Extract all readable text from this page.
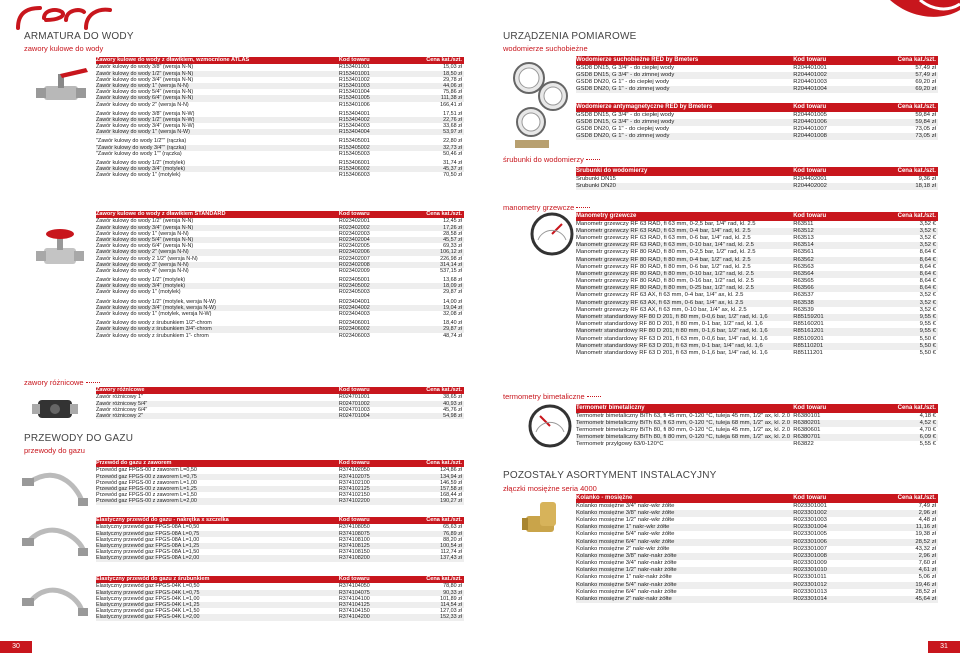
ARMATURA DO WODY
zawory kulowe do wody
zawory różnicowe
PRZEWODY DO GAZU
przewody do gazu
Zawory kulowe do wody z dławikiem, wzmocnione ATLAS	Kod towaru	Cena kat./szt.
Zawór kulowy do wody 3/8" (wersja N-N)	R153401001	15,03 zł
Zawór kulowy do wody 1/2" (wersja N-N)	R153401001	18,50 zł
Zawór kulowy do wody 3/4" (wersja N-N)	R153401002	29,78 zł
Zawór kulowy do wody 1" (wersja N-N)	R153401003	44,06 zł
Zawór kulowy do wody 5/4" (wersja N-N)	R153401004	75,86 zł
Zawór kulowy do wody 6/4" (wersja N-N)	R153401005	111,38 zł
Zawór kulowy do wody 2" (wersja N-N)	R153401006	166,41 zł
Zawór kulowy do wody 3/8" (wersja N-W)	R153404001	17,51 zł
Zawór kulowy do wody 1/2" (wersja N-W)	R153404002	22,76 zł
Zawór kulowy do wody 3/4" (wersja N-W)	R153404003	33,68 zł
Zawór kulowy do wody 1" (wersja N-W)	R153404004	53,97 zł
"Zawór kulowy do wody 1/2"" (rączka)	R153405001	22,80 zł
"Zawór kulowy do wody 3/4"" (rączka)	R153405002	32,73 zł
"Zawór kulowy do wody 1"" (rączka)	R153405003	50,46 zł
Zawór kulowy do wody 1/2" (motylek)	R153406001	31,74 zł
Zawór kulowy do wody 3/4" (motylek)	R153406002	45,37 zł
Zawór kulowy do wody 1" (motylek)	R153406003	70,50 zł
Zawory kulowe do wody z dławikiem STANDARD	Kod towaru	Cena kat./szt.
Zawór kulowy do wody 1/2" (wersja N-N)	R023402001	12,45 zł
Zawór kulowy do wody 3/4" (wersja N-N)	R023402002	17,26 zł
Zawór kulowy do wody 1" (wersja N-N)	R023402003	28,58 zł
Zawór kulowy do wody 5/4" (wersja N-N)	R023402004	45,57 zł
Zawór kulowy do wody 6/4" (wersja N-N)	R023402005	69,33 zł
Zawór kulowy do wody 2" (wersja N-N)	R023402006	106,12 zł
Zawór kulowy do wody 2 1/2" (wersja N-N)	R023402007	226,98 zł
Zawór kulowy do wody 3" (wersja N-N)	R023402008	314,14 zł
Zawór kulowy do wody 4" (wersja N-N)	R023402009	537,15 zł
Zawór kulowy do wody 1/2" (motylek)	R023405001	13,68 zł
Zawór kulowy do wody 3/4" (motylek)	R023405002	18,09 zł
Zawór kulowy do wody 1" (motylek)	R023405003	29,87 zł
Zawór kulowy do wody 1/2" (motylek, wersja N-W)	R023404001	14,00 zł
Zawór kulowy do wody 3/4" (motylek, wersja N-W)	R023404002	19,04 zł
Zawór kulowy do wody 1" (motylek, wersja N-W)	R023404003	32,08 zł
Zawór kulowy do wody z śrubunkiem 1/2"-chrom	R023406001	18,40 zł
Zawór kulowy do wody z śrubunkiem 3/4"-chrom	R023406002	29,87 zł
Zawór kulowy do wody z śrubunkiem 1"- chrom	R023406003	48,74 zł
Zawory różnicowe	Kod towaru	Cena kat./szt.
Zawór różnicowy 1"	R024701001	38,65 zł
Zawór różnicowy 5/4"	R024701002	40,93 zł
Zawór różnicowy 6/4"	R024701003	45,76 zł
Zawór różnicowy 2"	R024701004	54,98 zł
Przewód do gazu z zaworem	Kod towaru	Cena kat./szt.
Przewód gaz FPGS-00 z zaworem L=0,50	R374102050	124,86 zł
Przewód gaz FPGS-00 z zaworem L=0,75	R374102075	134,94 zł
Przewód gaz FPGS-00 z zaworem L=1,00	R374102100	146,59 zł
Przewód gaz FPGS-00 z zaworem L=1,25	R374102125	157,58 zł
Przewód gaz FPGS-00 z zaworem L=1,50	R374102150	168,44 zł
Przewód gaz FPGS-00 z zaworem L=2,00	R374102200	190,27 zł
Elastyczny przewód do gazu - nakrętka x szczelka	Kod towaru	Cena kat./szt.
Elastyczny przewód gaz FPGS-08A L=0,50	R374108050	65,63 zł
Elastyczny przewód gaz FPGS-08A L=0,75	R374108075	76,89 zł
Elastyczny przewód gaz FPGS-08A L=1,00	R374108100	88,20 zł
Elastyczny przewód gaz FPGS-08A L=1,25	R374108125	100,54 zł
Elastyczny przewód gaz FPGS-08A L=1,50	R374108150	112,74 zł
Elastyczny przewód gaz FPGS-08A L=2,00	R374108200	137,43 zł
Elastyczny przewód do gazu z śrubunkiem	Kod towaru	Cena kat./szt.
Elastyczny przewód gaz FPGS-04K L=0,50	R374104050	78,80 zł
Elastyczny przewód gaz FPGS-04K L=0,75	R374104075	90,33 zł
Elastyczny przewód gaz FPGS-04K L=1,00	R374104100	101,89 zł
Elastyczny przewód gaz FPGS-04K L=1,25	R374104125	114,54 zł
Elastyczny przewód gaz FPGS-04K L=1,50	R374104150	127,03 zł
Elastyczny przewód gaz FPGS-04K L=2,00	R374104200	152,33 zł
URZĄDZENIA POMIAROWE
wodomierze suchobieżne
śrubunki do wodomierzy
manometry grzewcze
termometry bimetaliczne
POZOSTAŁY ASORTYMENT INSTALACYJNY
złączki mosiężne seria 4000
Wodomierze suchobieżne RED by Bmeters	Kod towaru	Cena kat./szt.
GSD8 DN15, G 3/4" - do ciepłej wody	R204401001	57,49 zł
GSD8 DN15, G 3/4" - do zimnej wody	R204401002	57,49 zł
GSD8 DN20, G 1" - do ciepłej wody	R204401003	69,20 zł
GSD8 DN20, G 1" - do zimnej wody	R204401004	69,20 zł
Wodomierze antymagnetyczne RED by Bmeters	Kod towaru	Cena kat./szt.
GSD8 DN15, G 3/4" - do ciepłej wody	R204401005	59,84 zł
GSD8 DN15, G 3/4" - do zimnej wody	R204401006	59,84 zł
GSD8 DN20, G 1" - do ciepłej wody	R204401007	73,05 zł
GSD8 DN20, G 1" - do zimnej wody	R204401008	73,05 zł
Śrubunki do wodomierzy	Kod towaru	Cena kat./szt.
Śrubunki DN15	R204402001	9,36 zł
Śrubunki DN20	R204402002	18,18 zł
Manometry grzewcze	Kod towaru	Cena kat./szt.
Manometr grzewczy RF 63 RAD, fi 63 mm, 0-2,5 bar, 1/4" rad, kl. 2.5	R63511	3,52 €
Manometr grzewczy RF 63 RAD, fi 63 mm, 0-4 bar, 1/4" rad, kl. 2.5	R63512	3,52 €
Manometr grzewczy RF 63 RAD, fi 63 mm, 0-6 bar, 1/4" rad, kl. 2.5	R63513	3,52 €
Manometr grzewczy RF 63 RAD, fi 63 mm, 0-10 bar, 1/4" rad, kl. 2.5	R63514	3,52 €
Manometr grzewczy RF 80 RAD, fi 80 mm, 0-2,5 bar, 1/2" rad, kl. 2.5	R63561	8,64 €
Manometr grzewczy RF 80 RAD, fi 80 mm, 0-4 bar, 1/2" rad, kl. 2.5	R63562	8,64 €
Manometr grzewczy RF 80 RAD, fi 80 mm, 0-6 bar, 1/2" rad, kl. 2.5	R63563	8,64 €
Manometr grzewczy RF 80 RAD, fi 80 mm, 0-10 bar, 1/2" rad, kl. 2.5	R63564	8,64 €
Manometr grzewczy RF 80 RAD, fi 80 mm, 0-16 bar, 1/2" rad, kl. 2.5	R63565	8,64 €
Manometr grzewczy RF 80 RAD, fi 80 mm, 0-25 bar, 1/2" rad, kl. 2.5	R63566	8,64 €
Manometr grzewczy RF 63 AX, fi 63 mm, 0-4 bar, 1/4" ax, kl. 2.5	R63537	3,52 €
Manometr grzewczy RF 63 AX, fi 63 mm, 0-6 bar, 1/4" ax, kl. 2.5	R63538	3,52 €
Manometr grzewczy RF 63 AX, fi 63 mm, 0-10 bar, 1/4" ax, kl. 2.5	R63539	3,52 €
Manometr standardowy RF 80 D 201, fi 80 mm, 0-0,6 bar, 1/2" rad, kl. 1,6	R85159201	9,55 €
Manometr standardowy RF 80 D 201, fi 80 mm, 0-1 bar, 1/2" rad, kl. 1,6	R85160201	9,55 €
Manometr standardowy RF 80 D 201, fi 80 mm, 0-1,6 bar, 1/2" rad, kl. 1,6	R85161201	9,55 €
Manometr standardowy RF 63 D 201, fi 63 mm, 0-0,6 bar, 1/4" rad, kl. 1,6	R85109201	5,50 €
Manometr standardowy RF 63 D 201, fi 63 mm, 0-1 bar, 1/4" rad, kl. 1,6	R85110201	5,50 €
Manometr standardowy RF 63 D 201, fi 63 mm, 0-1,6 bar, 1/4" rad, kl. 1,6	R85111201	5,50 €
Termometr bimetaliczny	Kod towaru	Cena kat./szt.
Termometr bimetaliczny BiTh 63, fi 45 mm, 0-120 °C, tuleja 45 mm, 1/2" ax, kl. 2.0 R6380101	4,18 €
Termometr bimetaliczny BiTh 63, fi 63 mm, 0-120 °C, tuleja 68 mm, 1/2" ax, kl. 2.0 R6380201	4,52 €
Termometr bimetaliczny BiTh 80, fi 80 mm, 0-120 °C, tuleja 45 mm, 1/2" ax, kl. 2.0 R6380601	4,70 €
Termometr bimetaliczny BiTh 80, fi 80 mm, 0-120 °C, tuleja 68 mm, 1/2" ax, kl. 2.0 R6380701	6,09 €
Termometr przylgowy 63/0-120°C	R63822	5,55 €
Kolanko - mosiężne	Kod towaru	Cena kat./szt.
Kolanko mosiężne 3/4" nakr-wkr żółte	R023301001	7,49 zł
Kolanko mosiężne 3/8" nakr-wkr żółte	R023301002	2,96 zł
Kolanko mosiężne 1/2" nakr-wkr żółte	R023301003	4,48 zł
Kolanko mosiężne 1" nakr-wkr żółte	R023301004	11,16 zł
Kolanko mosiężne 5/4" nakr-wkr żółte	R023301005	19,38 zł
Kolanko mosiężne 6/4" nakr-wkr żółte	R023301006	28,52 zł
Kolanko mosiężne 2" nakr-wkr żółte	R023301007	43,32 zł
Kolanko mosiężne 3/8" nakr-nakr żółte	R023301008	2,96 zł
Kolanko mosiężne 3/4" nakr-nakr żółte	R023301009	7,60 zł
Kolanko mosiężne 1/2" nakr-nakr żółte	R023301010	4,61 zł
Kolanko mosiężne 1" nakr-nakr żółte	R023301011	5,06 zł
Kolanko mosiężne 5/4" nakr-nakr żółte	R023301012	19,46 zł
Kolanko mosiężne 6/4" nakr-nakr żółte	R023301013	28,52 zł
Kolanko mosiężne 2" nakr-nakr żółte	R023301014	45,64 zł
30	31
